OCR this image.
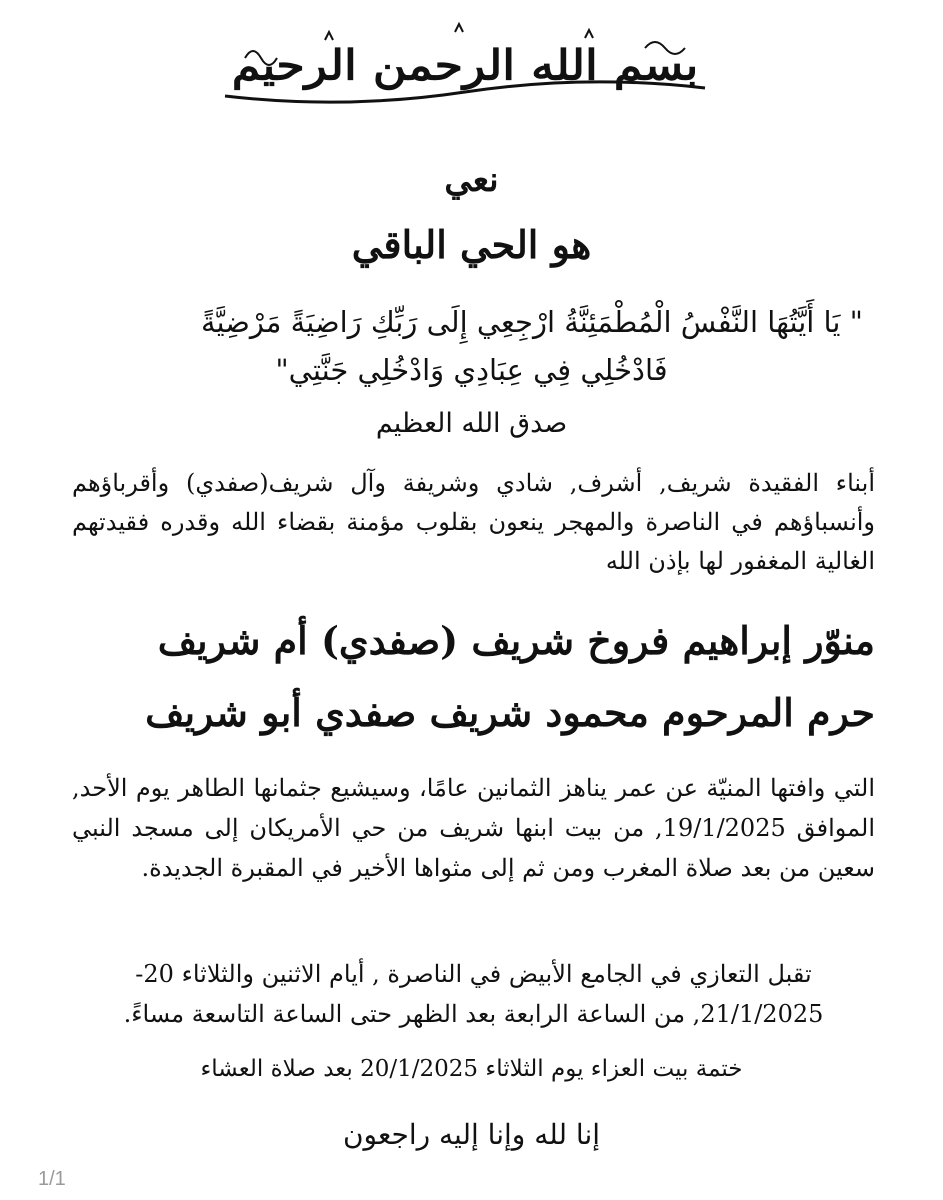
بسم الله الرحمن الرحيم
نعي
هو الحي الباقي
" يَا أَيَّتُهَا النَّفْسُ الْمُطْمَئِنَّةُ ارْجِعِي إِلَى رَبِّكِ رَاضِيَةً مَرْضِيَّةً
فَادْخُلِي فِي عِبَادِي وَادْخُلِي جَنَّتِي"
صدق الله العظيم
أبناء الفقيدة شريف, أشرف, شادي وشريفة وآل شريف(صفدي) وأقرباؤهم وأنسباؤهم في الناصرة والمهجر ينعون بقلوب مؤمنة بقضاء الله وقدره فقيدتهم الغالية المغفور لها بإذن الله
منوّر إبراهيم فروخ شريف (صفدي) أم شريف
حرم المرحوم محمود شريف صفدي أبو شريف
التي وافتها المنيّة عن عمر يناهز الثمانين عامًا، وسيشيع جثمانها الطاهر يوم الأحد, الموافق 19/1/2025, من بيت ابنها شريف من حي الأمريكان إلى مسجد النبي سعين من بعد صلاة المغرب ومن ثم إلى مثواها الأخير في المقبرة الجديدة.
تقبل التعازي في الجامع الأبيض في الناصرة , أيام الاثنين والثلاثاء 20-21/1/2025, من الساعة الرابعة بعد الظهر حتى الساعة التاسعة مساءً.
ختمة بيت العزاء يوم الثلاثاء 20/1/2025 بعد صلاة العشاء
إنا لله وإنا إليه راجعون
1/1
